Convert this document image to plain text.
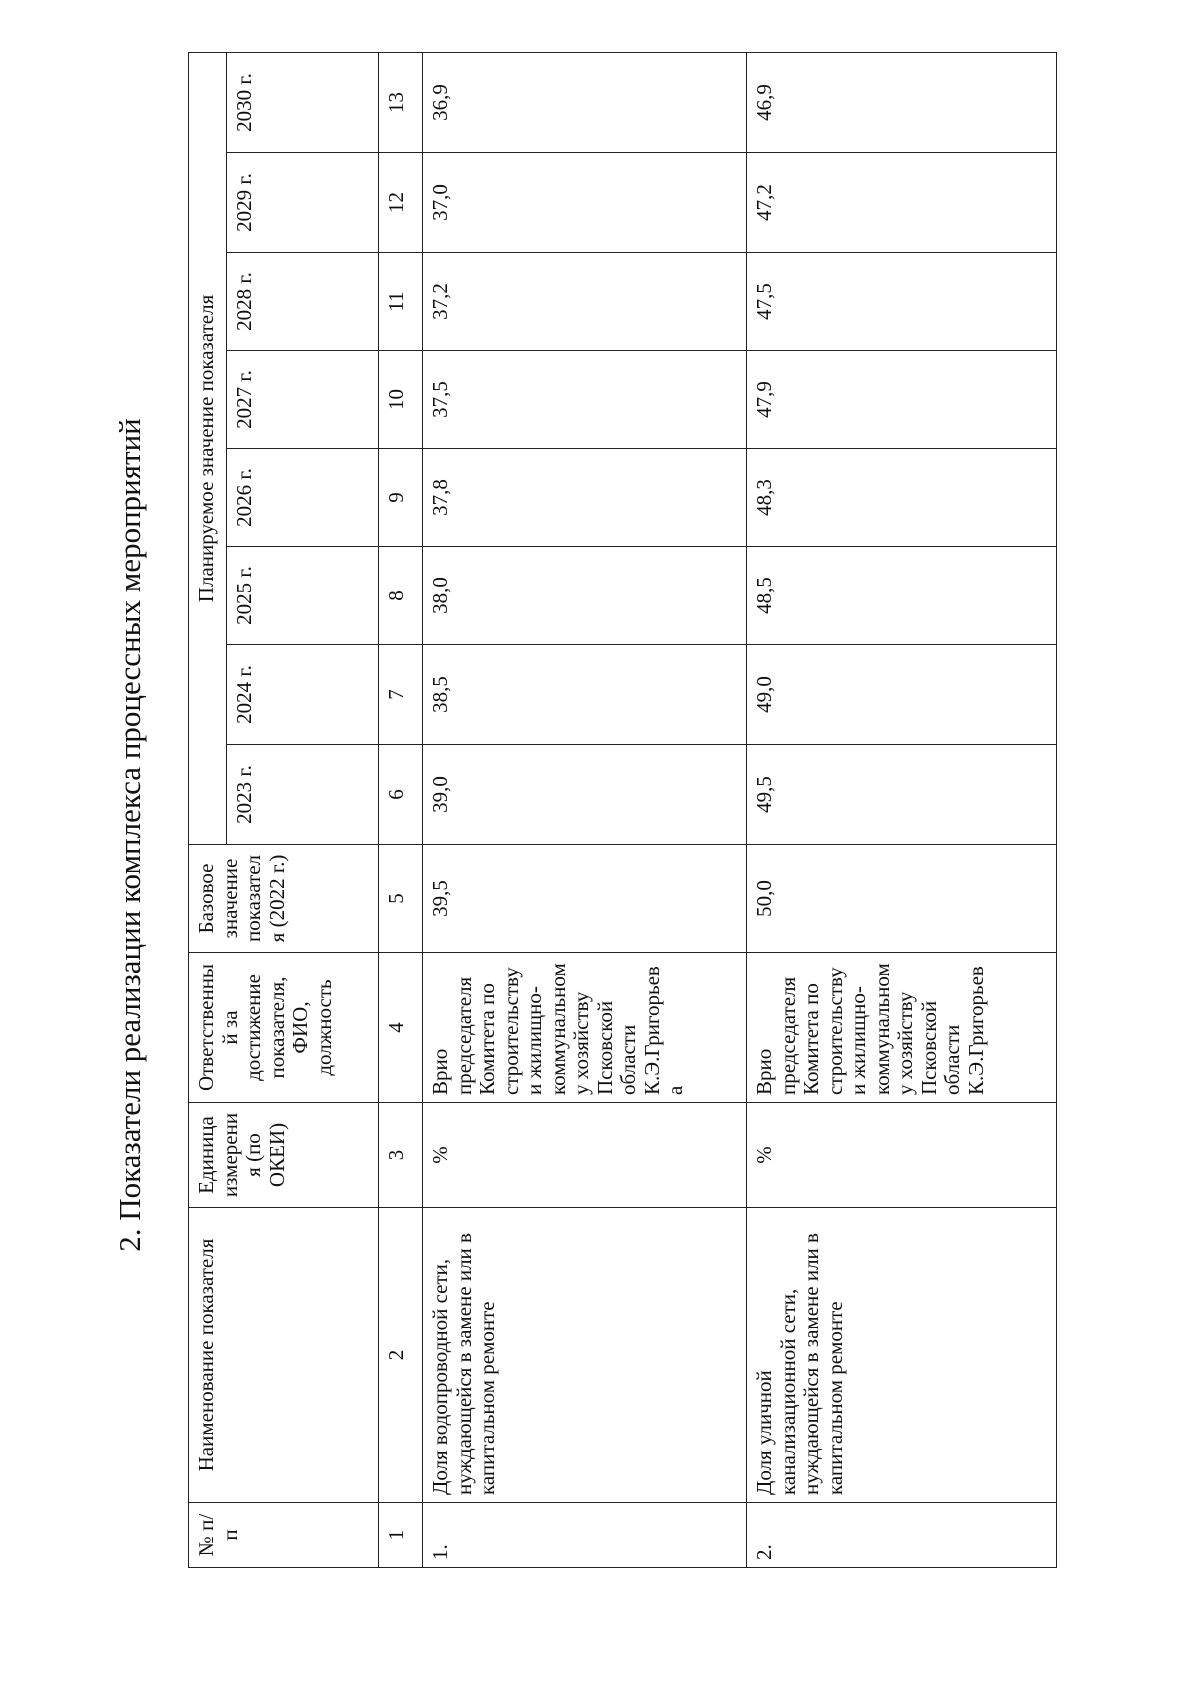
2. Показатели реализации комплекса процессных мероприятий
№ п/п	Наименование показателя	Единица измерения (по ОКЕИ)	Ответственный за достижение показателя, ФИО, должность	Базовое значение показателя (2022 г.)	Планируемое значение показателя							
					2023 г.	2024 г.	2025 г.	2026 г.	2027 г.	2028 г.	2029 г.	2030 г.
1	2	3	4	5	6	7	8	9	10	11	12	13
1.	Доля водопроводной сети, нуждающейся в замене или в капитальном ремонте	%	Врио председателя Комитета по строительству и жилищно-коммунальному хозяйству Псковской области К.Э.Григорьева	39,5	39,0	38,5	38,0	37,8	37,5	37,2	37,0	36,9
2.	Доля уличной канализационной сети, нуждающейся в замене или в капитальном ремонте	%	Врио председателя Комитета по строительству и жилищно-коммунальному хозяйству Псковской области К.Э.Григорьев	50,0	49,5	49,0	48,5	48,3	47,9	47,5	47,2	46,9
